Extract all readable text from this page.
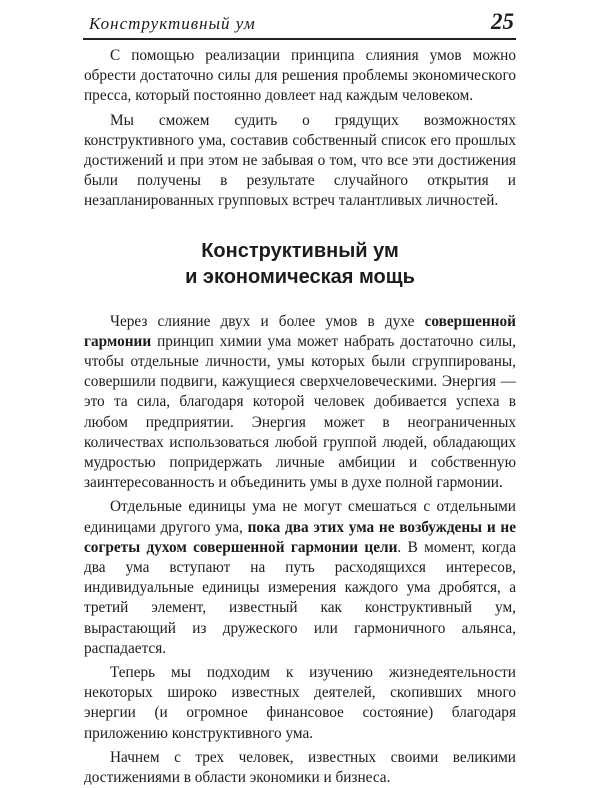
Конструктивный ум	25

С помощью реализации принципа слияния умов можно обрести достаточно силы для решения проблемы экономического пресса, который постоянно довлеет над каждым человеком.

Мы сможем судить о грядущих возможностях конструктивного ума, составив собственный список его прошлых достижений и при этом не забывая о том, что все эти достижения были получены в результате случайного открытия и незапланированных групповых встреч талантливых личностей.

Конструктивный ум
и экономическая мощь

Через слияние двух и более умов в духе совершенной гармонии принцип химии ума может набрать достаточно силы, чтобы отдельные личности, умы которых были сгруппированы, совершили подвиги, кажущиеся сверхчеловеческими. Энергия — это та сила, благодаря которой человек добивается успеха в любом предприятии. Энергия может в неограниченных количествах использоваться любой группой людей, обладающих мудростью попридержать личные амбиции и собственную заинтересованность и объединить умы в духе полной гармонии.

Отдельные единицы ума не могут смешаться с отдельными единицами другого ума, пока два этих ума не возбуждены и не согреты духом совершенной гармонии цели. В момент, когда два ума вступают на путь расходящихся интересов, индивидуальные единицы измерения каждого ума дробятся, а третий элемент, известный как конструктивный ум, вырастающий из дружеского или гармоничного альянса, распадается.

Теперь мы подходим к изучению жизнедеятельности некоторых широко известных деятелей, скопивших много энергии (и огромное финансовое состояние) благодаря приложению конструктивного ума.

Начнем с трех человек, известных своими великими достижениями в области экономики и бизнеса.
